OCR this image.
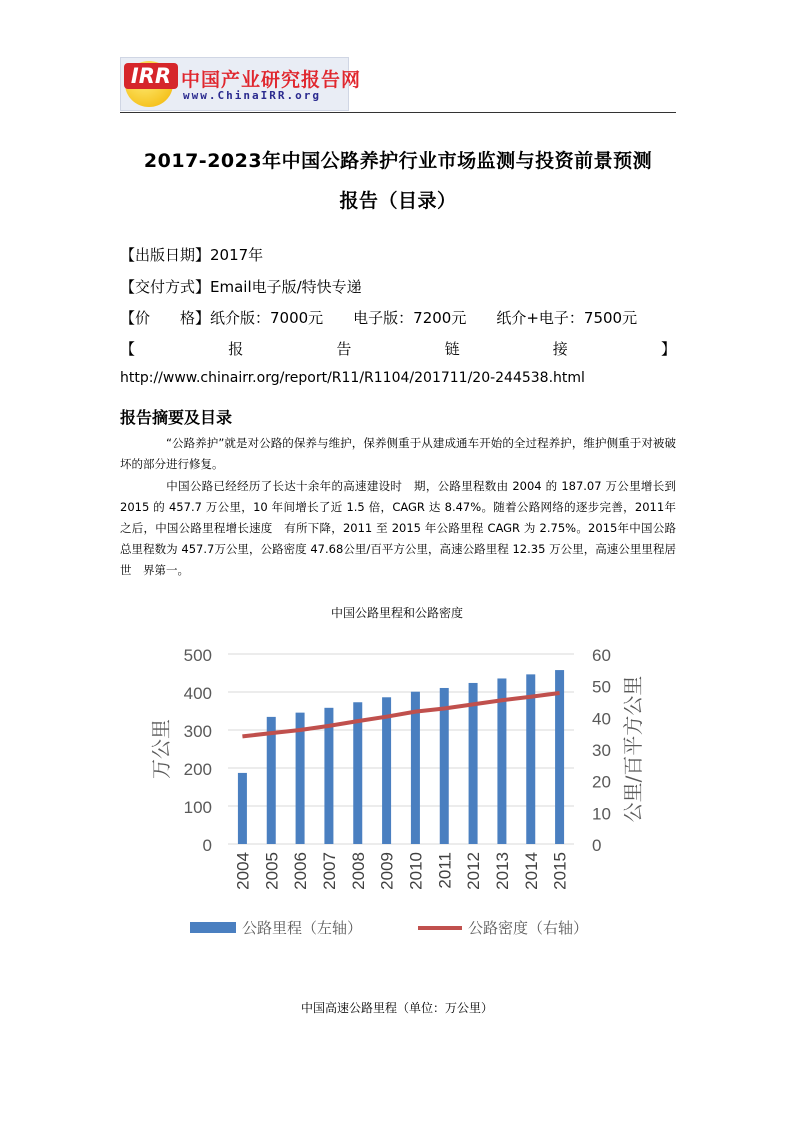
IRR 中国产业研究报告网
www.ChinaIRR.org
2017-2023年中国公路养护行业市场监测与投资前景预测
报告（目录）
【出版日期】2017年
【交付方式】Email电子版/特快专递
【价　　格】纸介版：7000元　　电子版：7200元　　纸介+电子：7500元
【	报	告	链	接	】
http://www.chinairr.org/report/R11/R1104/201711/20-244538.html
报告摘要及目录
“公路养护”就是对公路的保养与维护，保养侧重于从建成通车开始的全过程养护，维护侧重于对被破坏的部分进行修复。
中国公路已经经历了长达十余年的高速建设时　期，公路里程数由 2004 的 187.07 万公里增长到 2015 的 457.7 万公里，10 年间增长了近 1.5 倍，CAGR 达 8.47%。随着公路网络的逐步完善，2011年之后，中国公路里程增长速度　有所下降，2011 至 2015 年公路里程 CAGR 为 2.75%。2015年中国公路总里程数为 457.7万公里，公路密度 47.68公里/百平方公里，高速公路里程 12.35 万公里，高速公里里程居世　界第一。
中国公路里程和公路密度
0
100
200
300
400
500
0
10
20
30
40
50
60
2004 2005 2006 2007 2008 2009 2010 2011 2012 2013 2014 2015
万公里	公里/百平方公里
公路里程（左轴）	公路密度（右轴）
中国高速公路里程（单位：万公里）
